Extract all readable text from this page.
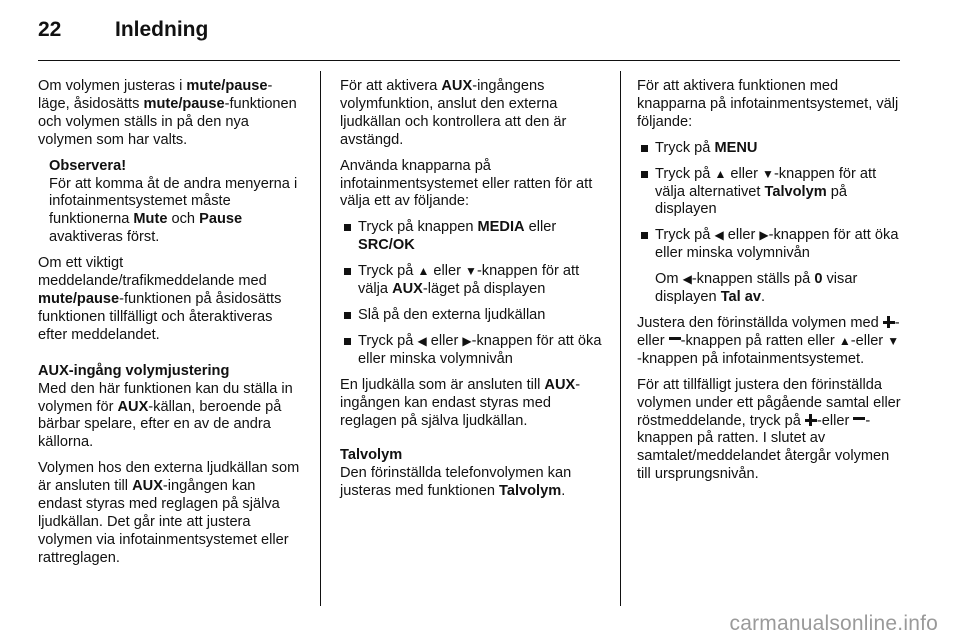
22	Inledning

Om volymen justeras i mute/pause-läge, åsidosätts mute/pause-funktionen och volymen ställs in på den nya volymen som har valts.

Observera!
För att komma åt de andra menyerna i infotainmentsystemet måste funktionerna Mute och Pause avaktiveras först.

Om ett viktigt meddelande/trafikmeddelande med mute/pause-funktionen på åsidosätts funktionen tillfälligt och återaktiveras efter meddelandet.

AUX-ingång volymjustering

Med den här funktionen kan du ställa in volymen för AUX-källan, beroende på bärbar spelare, efter en av de andra källorna.

Volymen hos den externa ljudkällan som är ansluten till AUX-ingången kan endast styras med reglagen på själva ljudkällan. Det går inte att justera volymen via infotainmentsystemet eller rattreglagen.

För att aktivera AUX-ingångens volymfunktion, anslut den externa ljudkällan och kontrollera att den är avstängd.

Använda knapparna på infotainmentsystemet eller ratten för att välja ett av följande:

Tryck på knappen MEDIA eller SRC/OK
Tryck på ▲ eller ▼-knappen för att välja AUX-läget på displayen
Slå på den externa ljudkällan
Tryck på ◀ eller ▶-knappen för att öka eller minska volymnivån

En ljudkälla som är ansluten till AUX-ingången kan endast styras med reglagen på själva ljudkällan.

Talvolym

Den förinställda telefonvolymen kan justeras med funktionen Talvolym.

För att aktivera funktionen med knapparna på infotainmentsystemet, välj följande:

Tryck på MENU
Tryck på ▲ eller ▼-knappen för att välja alternativet Talvolym på displayen
Tryck på ◀ eller ▶-knappen för att öka eller minska volymnivån
Om ◀-knappen ställs på 0 visar displayen Tal av.

Justera den förinställda volymen med - eller -knappen på ratten eller ▲-eller ▼-knappen på infotainmentsystemet.

För att tillfälligt justera den förinställda volymen under ett pågående samtal eller röstmeddelande, tryck på -eller -knappen på ratten. I slutet av samtalet/meddelandet återgår volymen till ursprungsnivån.

carmanualsonline.info
